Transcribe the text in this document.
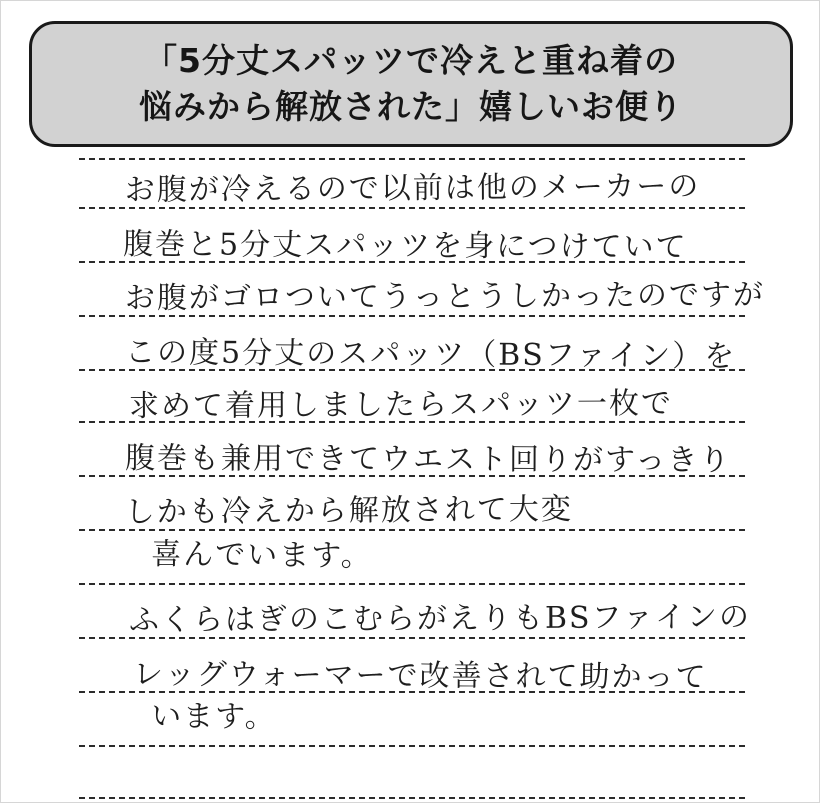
「5分丈スパッツで冷えと重ね着の
悩みから解放された」嬉しいお便り
お腹が冷えるので以前は他のメーカーの
腹巻と5分丈スパッツを身につけていて
お腹がゴロついてうっとうしかったのですが
この度5分丈のスパッツ（BSファイン）を
求めて着用しましたらスパッツ一枚で
腹巻も兼用できてウエスト回りがすっきり
しかも冷えから解放されて大変
喜んでいます。
ふくらはぎのこむらがえりもBSファインの
レッグウォーマーで改善されて助かって
います。
